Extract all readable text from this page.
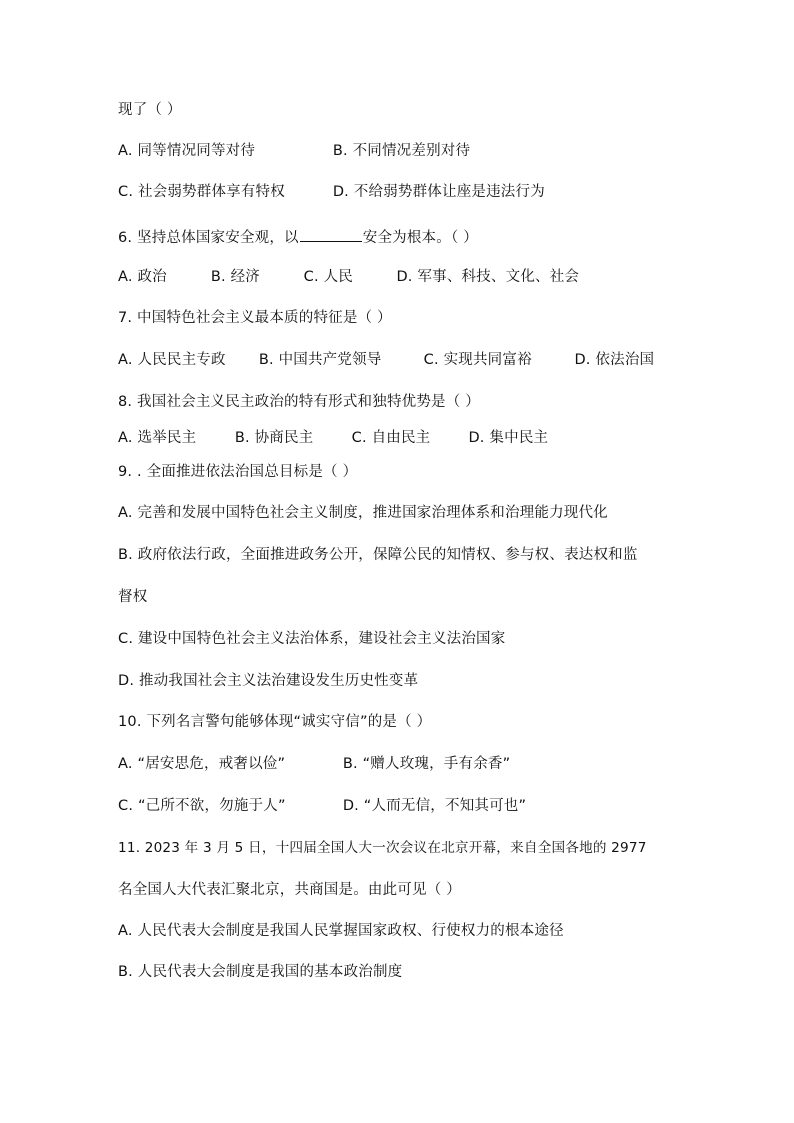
现了（ ）
A. 同等情况同等对待	B. 不同情况差别对待
C. 社会弱势群体享有特权	D. 不给弱势群体让座是违法行为
6. 坚持总体国家安全观，以	安全为根本。（ ）
A. 政治	B. 经济	C. 人民	D. 军事、科技、文化、社会
7. 中国特色社会主义最本质的特征是（ ）
A. 人民民主专政 B. 中国共产党领导	C. 实现共同富裕	D. 依法治国
8. 我国社会主义民主政治的特有形式和独特优势是（ ）
A. 选举民主	B. 协商民主	C. 自由民主	D. 集中民主
9. . 全面推进依法治国总目标是（ ）
A. 完善和发展中国特色社会主义制度，推进国家治理体系和治理能力现代化
B. 政府依法行政，全面推进政务公开，保障公民的知情权、参与权、表达权和监
督权
C. 建设中国特色社会主义法治体系，建设社会主义法治国家
D. 推动我国社会主义法治建设发生历史性变革
10. 下列名言警句能够体现“诚实守信”的是（ ）
A. “居安思危，戒奢以俭”	B. “赠人玫瑰，手有余香”
C. “己所不欲，勿施于人”	D. “人而无信，不知其可也”
11. 2023 年 3 月 5 日，十四届全国人大一次会议在北京开幕，来自全国各地的 2977
名全国人大代表汇聚北京，共商国是。由此可见（ ）
A. 人民代表大会制度是我国人民掌握国家政权、行使权力的根本途径
B. 人民代表大会制度是我国的基本政治制度
